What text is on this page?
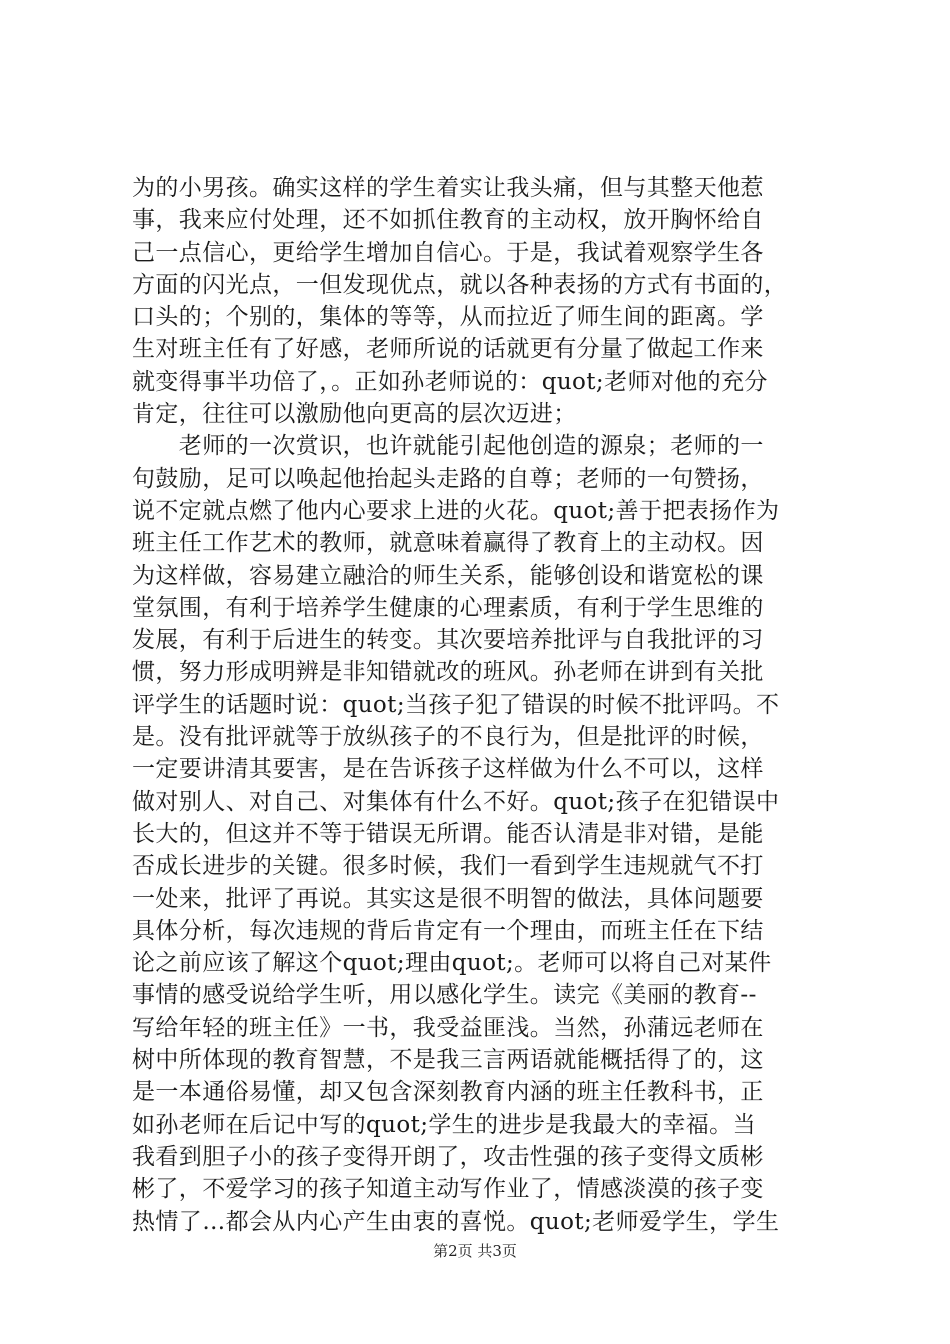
为的小男孩。确实这样的学生着实让我头痛，但与其整天他惹
事，我来应付处理，还不如抓住教育的主动权，放开胸怀给自
己一点信心，更给学生增加自信心。于是，我试着观察学生各
方面的闪光点，一但发现优点，就以各种表扬的方式有书面的，
口头的；个别的，集体的等等，从而拉近了师生间的距离。学
生对班主任有了好感，老师所说的话就更有分量了做起工作来
就变得事半功倍了，。正如孙老师说的：quot;老师对他的充分
肯定，往往可以激励他向更高的层次迈进；
　　老师的一次赏识，也许就能引起他创造的源泉；老师的一
句鼓励，足可以唤起他抬起头走路的自尊；老师的一句赞扬，
说不定就点燃了他内心要求上进的火花。quot;善于把表扬作为
班主任工作艺术的教师，就意味着赢得了教育上的主动权。因
为这样做，容易建立融洽的师生关系，能够创设和谐宽松的课
堂氛围，有利于培养学生健康的心理素质，有利于学生思维的
发展，有利于后进生的转变。其次要培养批评与自我批评的习
惯，努力形成明辨是非知错就改的班风。孙老师在讲到有关批
评学生的话题时说：quot;当孩子犯了错误的时候不批评吗。不
是。没有批评就等于放纵孩子的不良行为，但是批评的时候，
一定要讲清其要害，是在告诉孩子这样做为什么不可以，这样
做对别人、对自己、对集体有什么不好。quot;孩子在犯错误中
长大的，但这并不等于错误无所谓。能否认清是非对错，是能
否成长进步的关键。很多时候，我们一看到学生违规就气不打
一处来，批评了再说。其实这是很不明智的做法，具体问题要
具体分析，每次违规的背后肯定有一个理由，而班主任在下结
论之前应该了解这个quot;理由quot;。老师可以将自己对某件
事情的感受说给学生听，用以感化学生。读完《美丽的教育--
写给年轻的班主任》一书，我受益匪浅。当然，孙蒲远老师在
树中所体现的教育智慧，不是我三言两语就能概括得了的，这
是一本通俗易懂，却又包含深刻教育内涵的班主任教科书，正
如孙老师在后记中写的quot;学生的进步是我最大的幸福。当
我看到胆子小的孩子变得开朗了，攻击性强的孩子变得文质彬
彬了，不爱学习的孩子知道主动写作业了，情感淡漠的孩子变
热情了…都会从内心产生由衷的喜悦。quot;老师爱学生，学生
第2页 共3页
